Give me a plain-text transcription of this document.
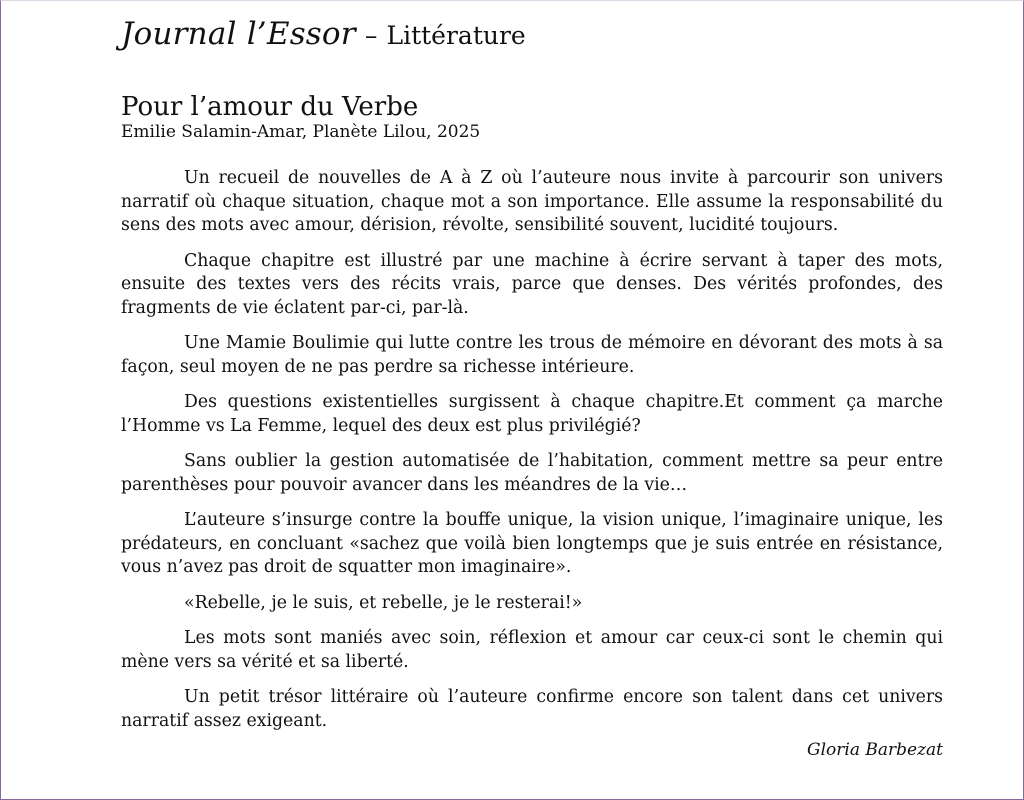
Journal l’Essor – Littérature
Pour l’amour du Verbe
Emilie Salamin-Amar, Planète Lilou, 2025

Un recueil de nouvelles de A à Z où l’auteure nous invite à parcourir son univers narratif où chaque situation, chaque mot a son importance. Elle assume la responsabilité du sens des mots avec amour, dérision, révolte, sensibilité souvent, lucidité toujours.

Chaque chapitre est illustré par une machine à écrire servant à taper des mots, ensuite des textes vers des récits vrais, parce que denses. Des vérités profondes, des fragments de vie éclatent par-ci, par-là.

Une Mamie Boulimie qui lutte contre les trous de mémoire en dévorant des mots à sa façon, seul moyen de ne pas perdre sa richesse intérieure.

Des questions existentielles surgissent à chaque chapitre.Et comment ça marche l’Homme vs La Femme, lequel des deux est plus privilégié?

Sans oublier la gestion automatisée de l’habitation, comment mettre sa peur entre parenthèses pour pouvoir avancer dans les méandres de la vie…

L’auteure s’insurge contre la bouffe unique, la vision unique, l’imaginaire unique, les prédateurs, en concluant «sachez que voilà bien longtemps que je suis entrée en résistance, vous n’avez pas droit de squatter mon imaginaire».

«Rebelle, je le suis, et rebelle, je le resterai!»

Les mots sont maniés avec soin, réflexion et amour car ceux-ci sont le chemin qui mène vers sa vérité et sa liberté.

Un petit trésor littéraire où l’auteure confirme encore son talent dans cet univers narratif assez exigeant.

Gloria Barbezat
